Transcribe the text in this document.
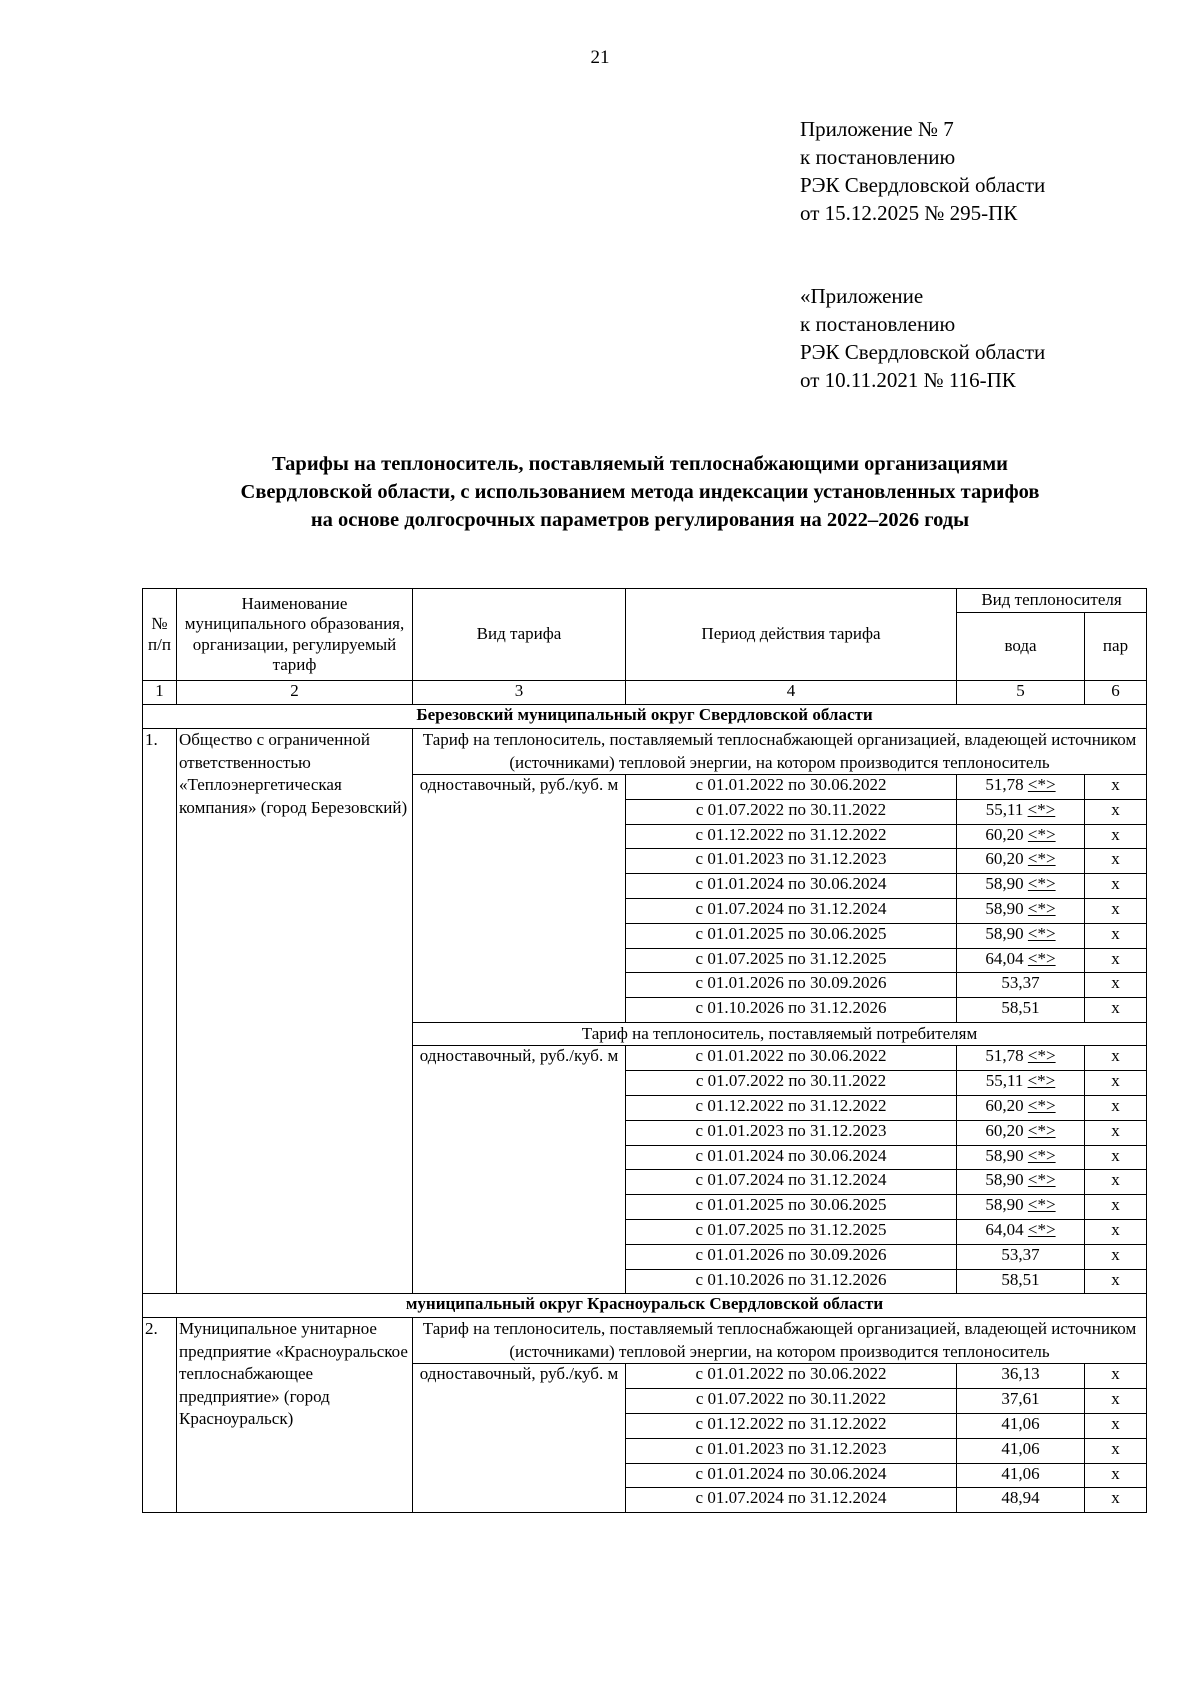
21
Приложение № 7
к постановлению
РЭК Свердловской области
от 15.12.2025 № 295-ПК
«Приложение
к постановлению
РЭК Свердловской области
от 10.11.2021 № 116-ПК
Тарифы на теплоноситель, поставляемый теплоснабжающими организациями
Свердловской области, с использованием метода индексации установленных тарифов
на основе долгосрочных параметров регулирования на 2022–2026 годы
№ п/п	Наименование муниципального образования, организации, регулируемый тариф	Вид тарифа	Период действия тарифа	Вид теплоносителя	
				вода	пар
1	2	3	4	5	6
Березовский муниципальный округ Свердловской области					
1.	Общество с ограниченной ответственностью «Теплоэнергетическая компания» (город Березовский)	Тариф на теплоноситель, поставляемый теплоснабжающей организацией, владеющей источником (источниками) тепловой энергии, на котором производится теплоноситель			
		одноставочный, руб./куб. м	с 01.01.2022 по 30.06.2022	51,78 <*>	х
			с 01.07.2022 по 30.11.2022	55,11 <*>	х
			с 01.12.2022 по 31.12.2022	60,20 <*>	х
			с 01.01.2023 по 31.12.2023	60,20 <*>	х
			с 01.01.2024 по 30.06.2024	58,90 <*>	х
			с 01.07.2024 по 31.12.2024	58,90 <*>	х
			с 01.01.2025 по 30.06.2025	58,90 <*>	х
			с 01.07.2025 по 31.12.2025	64,04 <*>	х
			с 01.01.2026 по 30.09.2026	53,37	х
			с 01.10.2026 по 31.12.2026	58,51	х
		Тариф на теплоноситель, поставляемый потребителям			
		одноставочный, руб./куб. м	с 01.01.2022 по 30.06.2022	51,78 <*>	х
			с 01.07.2022 по 30.11.2022	55,11 <*>	х
			с 01.12.2022 по 31.12.2022	60,20 <*>	х
			с 01.01.2023 по 31.12.2023	60,20 <*>	х
			с 01.01.2024 по 30.06.2024	58,90 <*>	х
			с 01.07.2024 по 31.12.2024	58,90 <*>	х
			с 01.01.2025 по 30.06.2025	58,90 <*>	х
			с 01.07.2025 по 31.12.2025	64,04 <*>	х
			с 01.01.2026 по 30.09.2026	53,37	х
			с 01.10.2026 по 31.12.2026	58,51	х
муниципальный округ Красноуральск Свердловской области					
2.	Муниципальное унитарное предприятие «Красноуральское теплоснабжающее предприятие» (город Красноуральск)	Тариф на теплоноситель, поставляемый теплоснабжающей организацией, владеющей источником (источниками) тепловой энергии, на котором производится теплоноситель			
		одноставочный, руб./куб. м	с 01.01.2022 по 30.06.2022	36,13	х
			с 01.07.2022 по 30.11.2022	37,61	х
			с 01.12.2022 по 31.12.2022	41,06	х
			с 01.01.2023 по 31.12.2023	41,06	х
			с 01.01.2024 по 30.06.2024	41,06	х
			с 01.07.2024 по 31.12.2024	48,94	х
